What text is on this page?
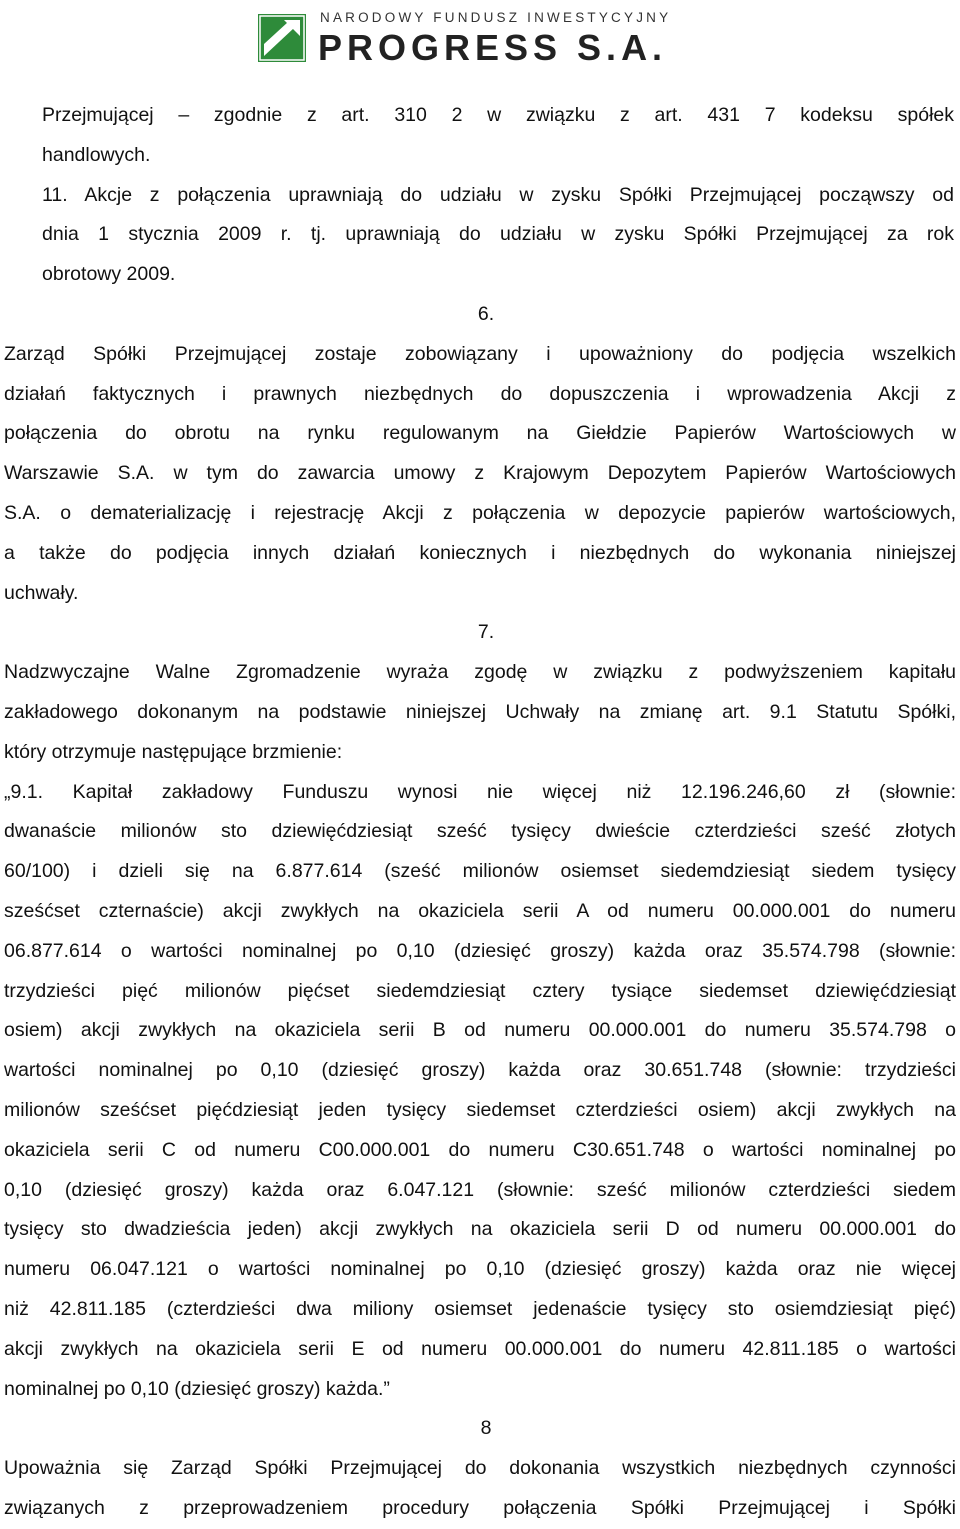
NARODOWY FUNDUSZ INWESTYCYJNY
PROGRESS S.A.
Przejmującej – zgodnie z art. 310 2 w związku z art. 431 7 kodeksu spółek
handlowych.
11. Akcje z połączenia uprawniają do udziału w zysku Spółki Przejmującej począwszy od
dnia 1 stycznia 2009 r. tj. uprawniają do udziału w zysku Spółki Przejmującej za rok
obrotowy 2009.
6.
Zarząd Spółki Przejmującej zostaje zobowiązany i upoważniony do podjęcia wszelkich
działań faktycznych i prawnych niezbędnych do dopuszczenia i wprowadzenia Akcji z
połączenia do obrotu na rynku regulowanym na Giełdzie Papierów Wartościowych w
Warszawie S.A. w tym do zawarcia umowy z Krajowym Depozytem Papierów Wartościowych
S.A. o dematerializację i rejestrację Akcji z połączenia w depozycie papierów wartościowych,
a także do podjęcia innych działań koniecznych i niezbędnych do wykonania niniejszej
uchwały.
7.
Nadzwyczajne Walne Zgromadzenie wyraża zgodę w związku z podwyższeniem kapitału
zakładowego dokonanym na podstawie niniejszej Uchwały na zmianę art. 9.1 Statutu Spółki,
który otrzymuje następujące brzmienie:
„9.1. Kapitał zakładowy Funduszu wynosi nie więcej niż 12.196.246,60 zł (słownie:
dwanaście milionów sto dziewięćdziesiąt sześć tysięcy dwieście czterdzieści sześć złotych
60/100) i dzieli się na 6.877.614 (sześć milionów osiemset siedemdziesiąt siedem tysięcy
sześćset czternaście) akcji zwykłych na okaziciela serii A od numeru 00.000.001 do numeru
06.877.614 o wartości nominalnej po 0,10 (dziesięć groszy) każda oraz 35.574.798 (słownie:
trzydzieści pięć milionów pięćset siedemdziesiąt cztery tysiące siedemset dziewięćdziesiąt
osiem) akcji zwykłych na okaziciela serii B od numeru 00.000.001 do numeru 35.574.798 o
wartości nominalnej po 0,10 (dziesięć groszy) każda oraz 30.651.748 (słownie: trzydzieści
milionów sześćset pięćdziesiąt jeden tysięcy siedemset czterdzieści osiem) akcji zwykłych na
okaziciela serii C od numeru C00.000.001 do numeru C30.651.748 o wartości nominalnej po
0,10 (dziesięć groszy) każda oraz 6.047.121 (słownie: sześć milionów czterdzieści siedem
tysięcy sto dwadzieścia jeden) akcji zwykłych na okaziciela serii D od numeru 00.000.001 do
numeru 06.047.121 o wartości nominalnej po 0,10 (dziesięć groszy) każda oraz nie więcej
niż 42.811.185 (czterdzieści dwa miliony osiemset jedenaście tysięcy sto osiemdziesiąt pięć)
akcji zwykłych na okaziciela serii E od numeru 00.000.001 do numeru 42.811.185 o wartości
nominalnej po 0,10 (dziesięć groszy) każda.”
8
Upoważnia się Zarząd Spółki Przejmującej do dokonania wszystkich niezbędnych czynności
związanych z przeprowadzeniem procedury połączenia Spółki Przejmującej i Spółki
